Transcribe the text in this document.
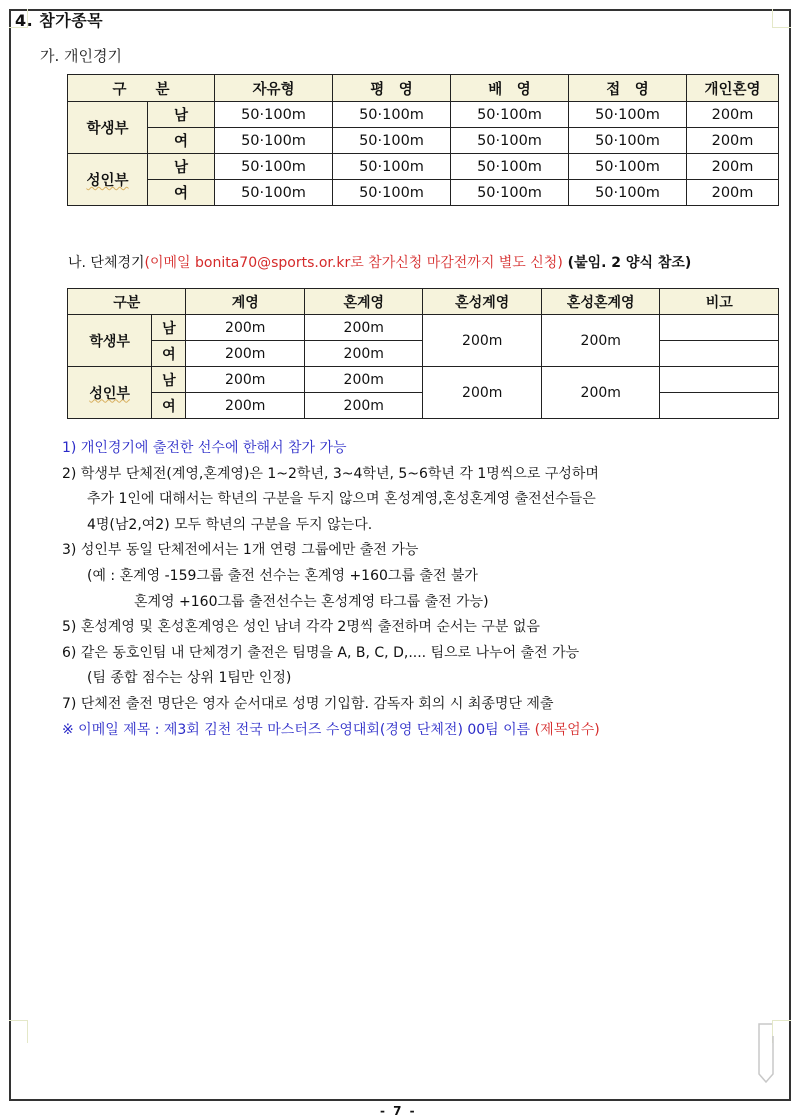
4. 참가종목
가. 개인경기
구　　분		자유형	평　영	배　영	접　영	개인혼영
학생부	남	50·100m	50·100m	50·100m	50·100m	200m
	여	50·100m	50·100m	50·100m	50·100m	200m
성인부	남	50·100m	50·100m	50·100m	50·100m	200m
	여	50·100m	50·100m	50·100m	50·100m	200m
나. 단체경기(이메일 bonita70@sports.or.kr로 참가신청 마감전까지 별도 신청) (붙임. 2 양식 참조)
구분		계영	혼계영	혼성계영	혼성혼계영	비고
학생부	남	200m	200m	200m	200m	
	여	200m	200m			
성인부	남	200m	200m	200m	200m	
	여	200m	200m			
1) 개인경기에 출전한 선수에 한해서 참가 가능
2) 학생부 단체전(계영,혼계영)은 1~2학년, 3~4학년, 5~6학년 각 1명씩으로 구성하며
추가 1인에 대해서는 학년의 구분을 두지 않으며 혼성계영,혼성혼계영 출전선수들은
4명(남2,여2) 모두 학년의 구분을 두지 않는다.
3) 성인부 동일 단체전에서는 1개 연령 그룹에만 출전 가능
(예 : 혼계영 -159그룹 출전 선수는 혼계영 +160그룹 출전 불가
혼계영 +160그룹 출전선수는 혼성계영 타그룹 출전 가능)
5) 혼성계영 및 혼성혼계영은 성인 남녀 각각 2명씩 출전하며 순서는 구분 없음
6) 같은 동호인팀 내 단체경기 출전은 팀명을 A, B, C, D,.... 팀으로 나누어 출전 가능
(팀 종합 점수는 상위 1팀만 인정)
7) 단체전 출전 명단은 영자 순서대로 성명 기입함. 감독자 회의 시 최종명단 제출
※ 이메일 제목 : 제3회 김천 전국 마스터즈 수영대회(경영 단체전) 00팀 이름 (제목엄수)
- 7 -
